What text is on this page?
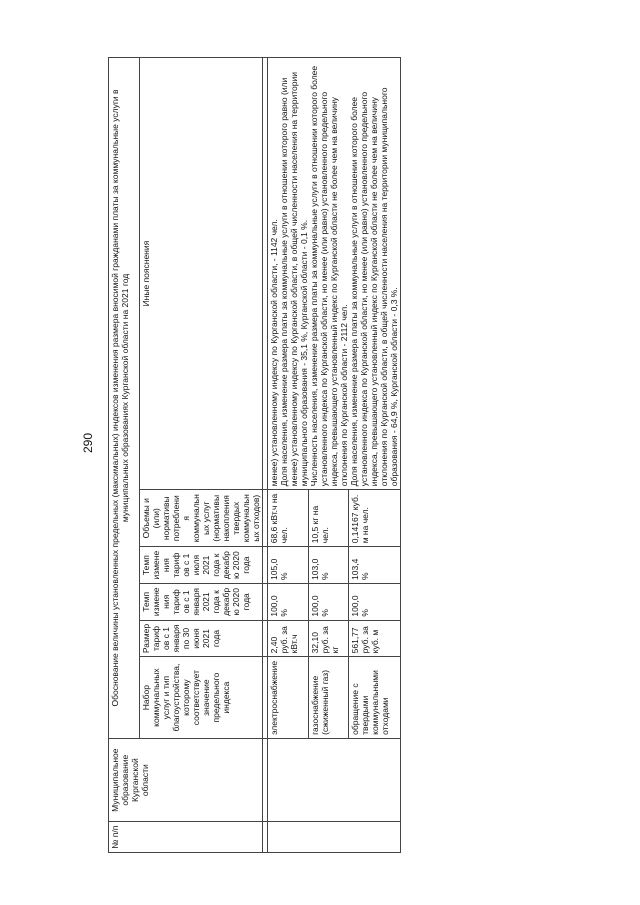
290
№ п/п	Муниципальное образование Курганской области	Обоснование величины установленных предельных (максимальных) индексов изменения размера вносимой гражданами платы за коммунальные услуги в муниципальных образованиях Курганской области на 2021 год					
		Набор коммунальных услуг и тип благоустройства, которому соответствует значение предельного индекса	Размер тарифов с 1 января по 30 июня 2021 года	Темп изменения тарифов с 1 января 2021 года к декабрю 2020 года	Темп изменения тарифов с 1 июля 2021 года к декабрю 2020 года	Объемы и (или) нормативы потребления коммунальных услуг (нормативы накопления твердых коммунальных отходов)	Иные пояснения

		электроснабжение	2,40 руб. за кВт.ч	100,0 %	105,0 %	68,6 кВт.ч на чел.	менее) установленному индексу по Курганской области, - 1142 чел. Доля населения, изменение размера платы за коммунальные услуги в отношении которого равно (или менее) установленному индексу по Курганской области, в общей численности населения на территории муниципального образования - 35,1 %, Курганской области - 0,1 %. Численность населения, изменение размера платы за коммунальные услуги в отношении которого более установленного индекса по Курганской области, но менее (или равно) установленного предельного индекса, превышающего установленный индекс по Курганской области не более чем на величину отклонения по Курганской области - 2112 чел. Доля населения, изменение размера платы за коммунальные услуги в отношении которого более установленного индекса по Курганской области, но менее (или равно) установленного предельного индекса, превышающего установленный индекс по Курганской области не более чем на величину отклонения по Курганской области, в общей численности населения на территории муниципального образования - 64,9 %, Курганской области - 0,3 %.

		газоснабжение (сжиженный газ)	32,10 руб. за кг	100,0 %	103,0 %	10,5 кг на чел.	
		обращение с твердыми коммунальными отходами	561,77 руб. за куб. м	100,0 %	103,4 %	0,14167 куб. м на чел.	
